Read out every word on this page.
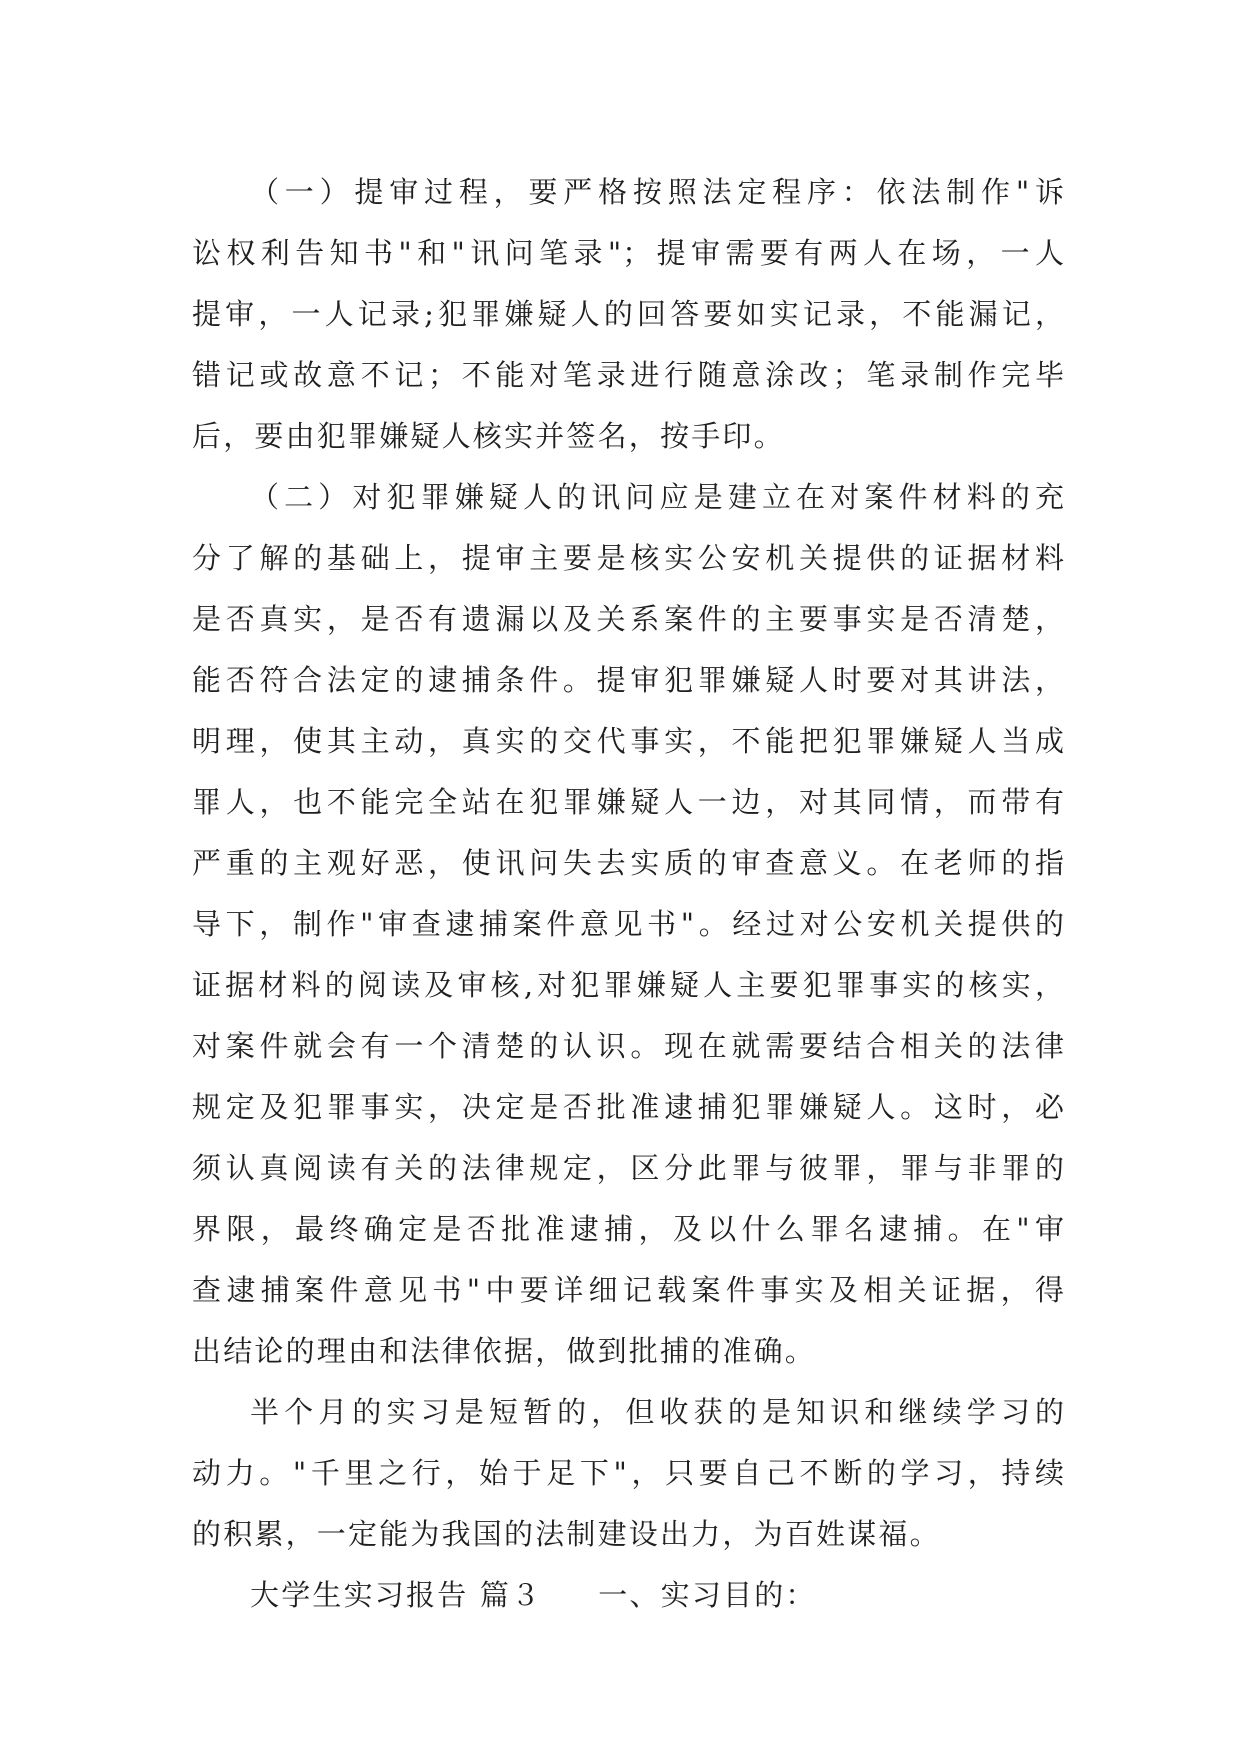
（一）提审过程，要严格按照法定程序：依法制作"诉
讼权利告知书"和"讯问笔录"；提审需要有两人在场，一人
提审，一人记录;犯罪嫌疑人的回答要如实记录，不能漏记，
错记或故意不记；不能对笔录进行随意涂改；笔录制作完毕
后，要由犯罪嫌疑人核实并签名，按手印。
（二）对犯罪嫌疑人的讯问应是建立在对案件材料的充
分了解的基础上，提审主要是核实公安机关提供的证据材料
是否真实，是否有遗漏以及关系案件的主要事实是否清楚，
能否符合法定的逮捕条件。提审犯罪嫌疑人时要对其讲法，
明理，使其主动，真实的交代事实，不能把犯罪嫌疑人当成
罪人，也不能完全站在犯罪嫌疑人一边，对其同情，而带有
严重的主观好恶，使讯问失去实质的审查意义。在老师的指
导下，制作"审查逮捕案件意见书"。经过对公安机关提供的
证据材料的阅读及审核,对犯罪嫌疑人主要犯罪事实的核实，
对案件就会有一个清楚的认识。现在就需要结合相关的法律
规定及犯罪事实，决定是否批准逮捕犯罪嫌疑人。这时，必
须认真阅读有关的法律规定，区分此罪与彼罪，罪与非罪的
界限，最终确定是否批准逮捕，及以什么罪名逮捕。在"审
查逮捕案件意见书"中要详细记载案件事实及相关证据，得
出结论的理由和法律依据，做到批捕的准确。
半个月的实习是短暂的，但收获的是知识和继续学习的
动力。"千里之行，始于足下"，只要自己不断的学习，持续
的积累，一定能为我国的法制建设出力，为百姓谋福。
大学生实习报告 篇３ 一、实习目的：
